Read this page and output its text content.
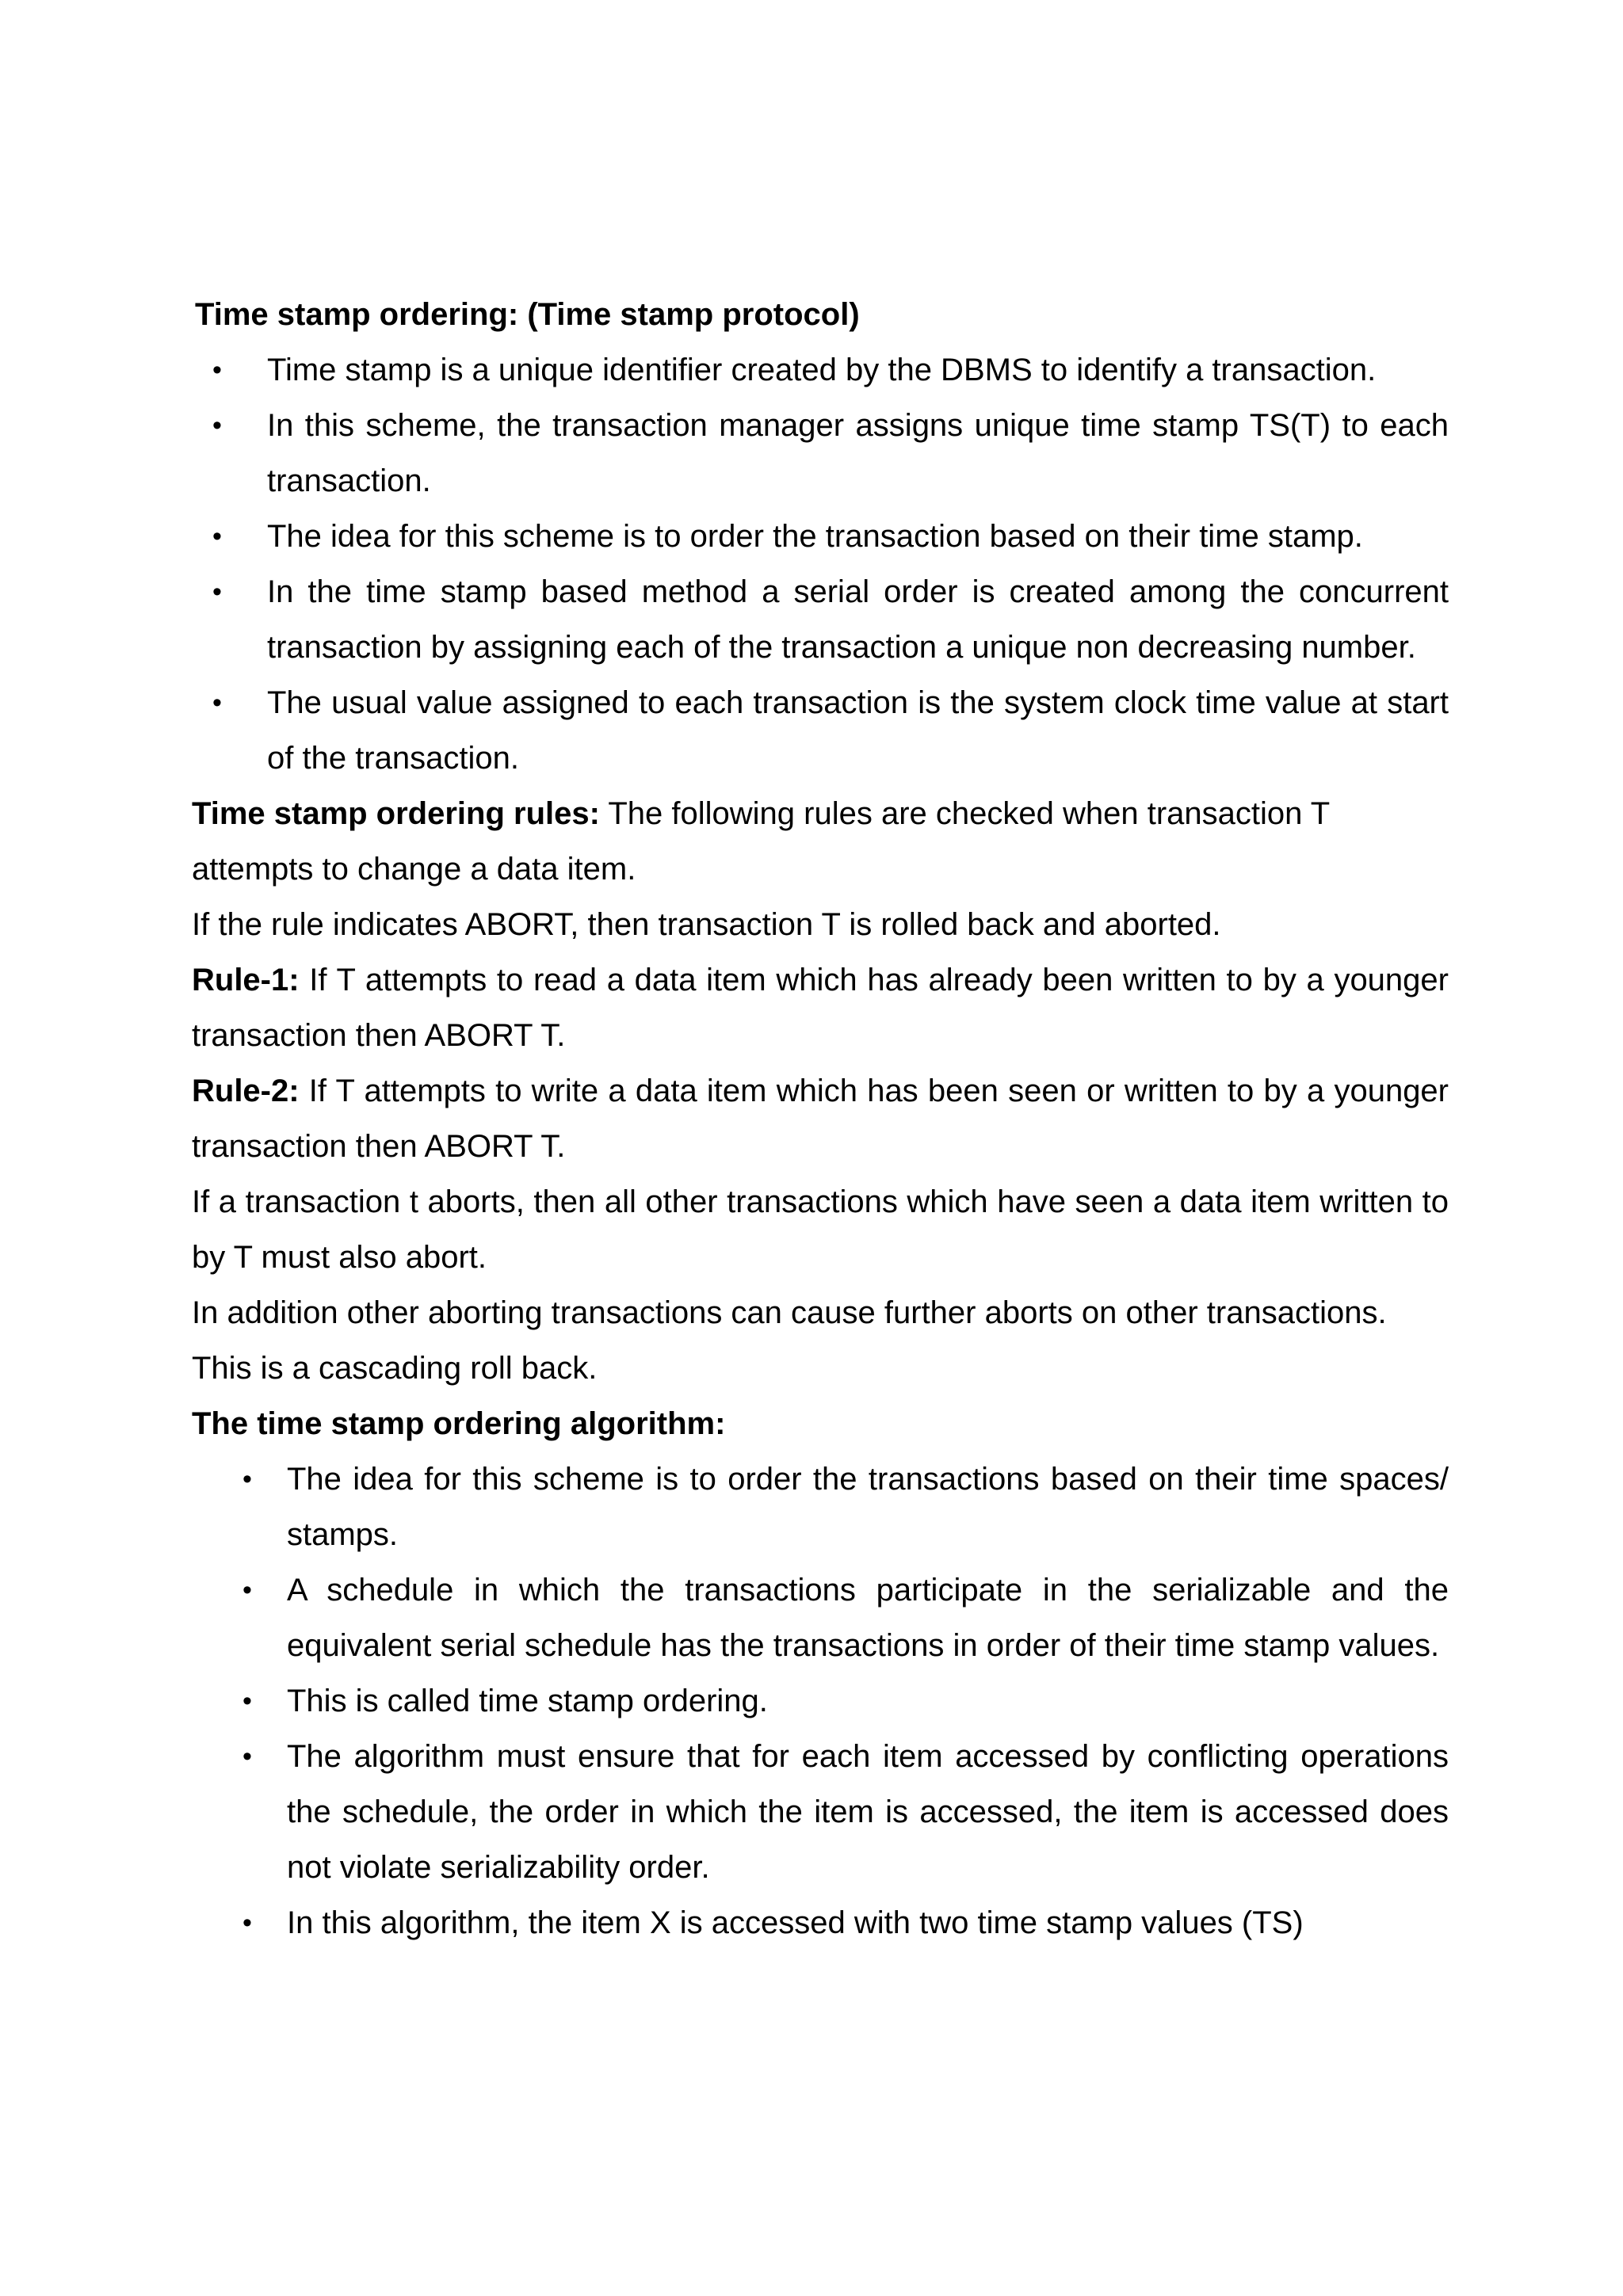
Time stamp ordering: (Time stamp protocol)

• Time stamp is a unique identifier created by the DBMS to identify a transaction.
• In this scheme, the transaction manager assigns unique time stamp TS(T) to each transaction.
• The idea for this scheme is to order the transaction based on their time stamp.
• In the time stamp based method a serial order is created among the concurrent transaction by assigning each of the transaction a unique non decreasing number.
• The usual value assigned to each transaction is the system clock time value at start of the transaction.

Time stamp ordering rules: The following rules are checked when transaction T attempts to change a data item.

If the rule indicates ABORT, then transaction T is rolled back and aborted.

Rule-1: If T attempts to read a data item which has already been written to by a younger transaction then ABORT T.

Rule-2: If T attempts to write a data item which has been seen or written to by a younger transaction then ABORT T.

If a transaction t aborts, then all other transactions which have seen a data item written to by T must also abort.

In addition other aborting transactions can cause further aborts on other transactions. This is a cascading roll back.

The time stamp ordering algorithm:

• The idea for this scheme is to order the transactions based on their time spaces/ stamps.
• A schedule in which the transactions participate in the serializable and the equivalent serial schedule has the transactions in order of their time stamp values.
• This is called time stamp ordering.
• The algorithm must ensure that for each item accessed by conflicting operations the schedule, the order in which the item is accessed, the item is accessed does not violate serializability order.
• In this algorithm, the item X is accessed with two time stamp values (TS)
